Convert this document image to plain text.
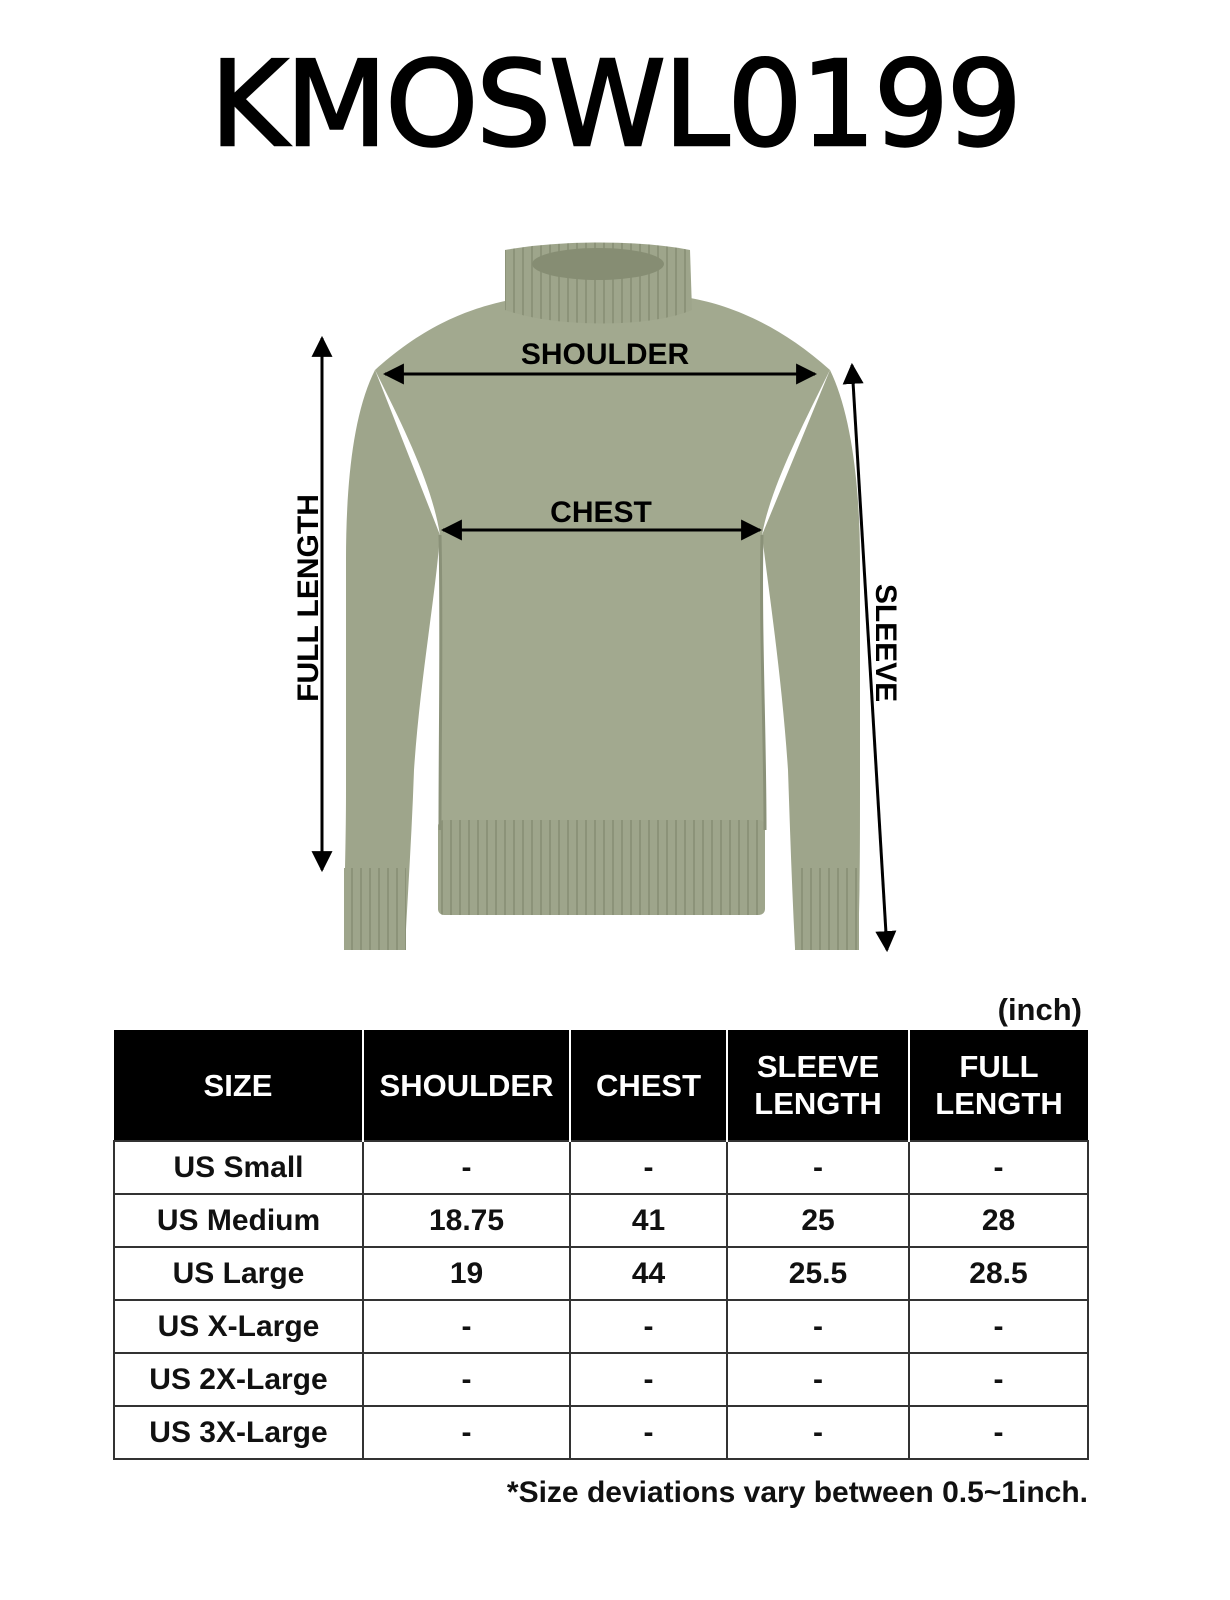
KMOSWL0199
SHOULDER
CHEST
FULL LENGTH	SLEEVE
(inch)
SIZE	SHOULDER	CHEST	SLEEVE LENGTH	FULL LENGTH
US Small	-	-	-	-
US Medium	18.75	41	25	28
US Large	19	44	25.5	28.5
US X-Large	-	-	-	-
US 2X-Large	-	-	-	-
US 3X-Large	-	-	-	-
*Size deviations vary between 0.5~1inch.
